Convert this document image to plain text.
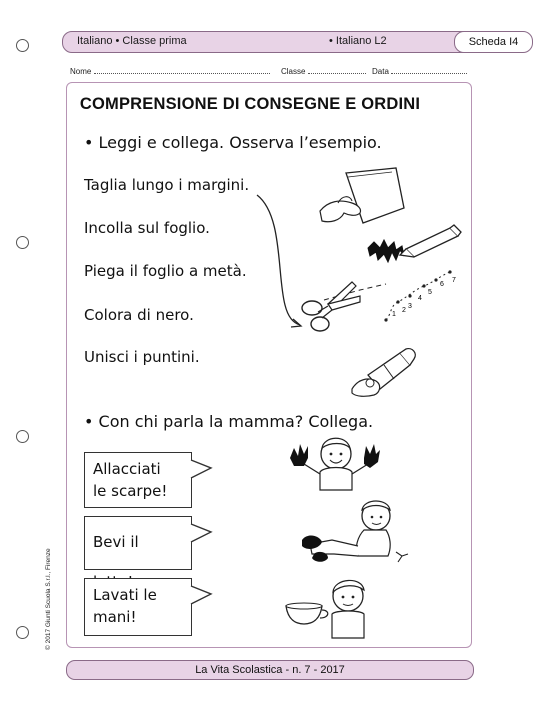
Italiano • Classe prima	• Italiano L2	Scheda I4
Nome	Classe	Data
COMPRENSIONE DI CONSEGNE E ORDINI
• Leggi e collega. Osserva l’esempio.
Taglia lungo i margini.
Incolla sul foglio.
Piega il foglio a metà.
Colora di nero.
Unisci i puntini.
1
2
3
4
5
6
7
• Con chi parla la mamma? Collega.
Allacciati
le scarpe!
Bevi il
Lavati le
mani!
© 2017 Giunti Scuola S.r.l., Firenze
La Vita Scolastica - n. 7 - 2017
